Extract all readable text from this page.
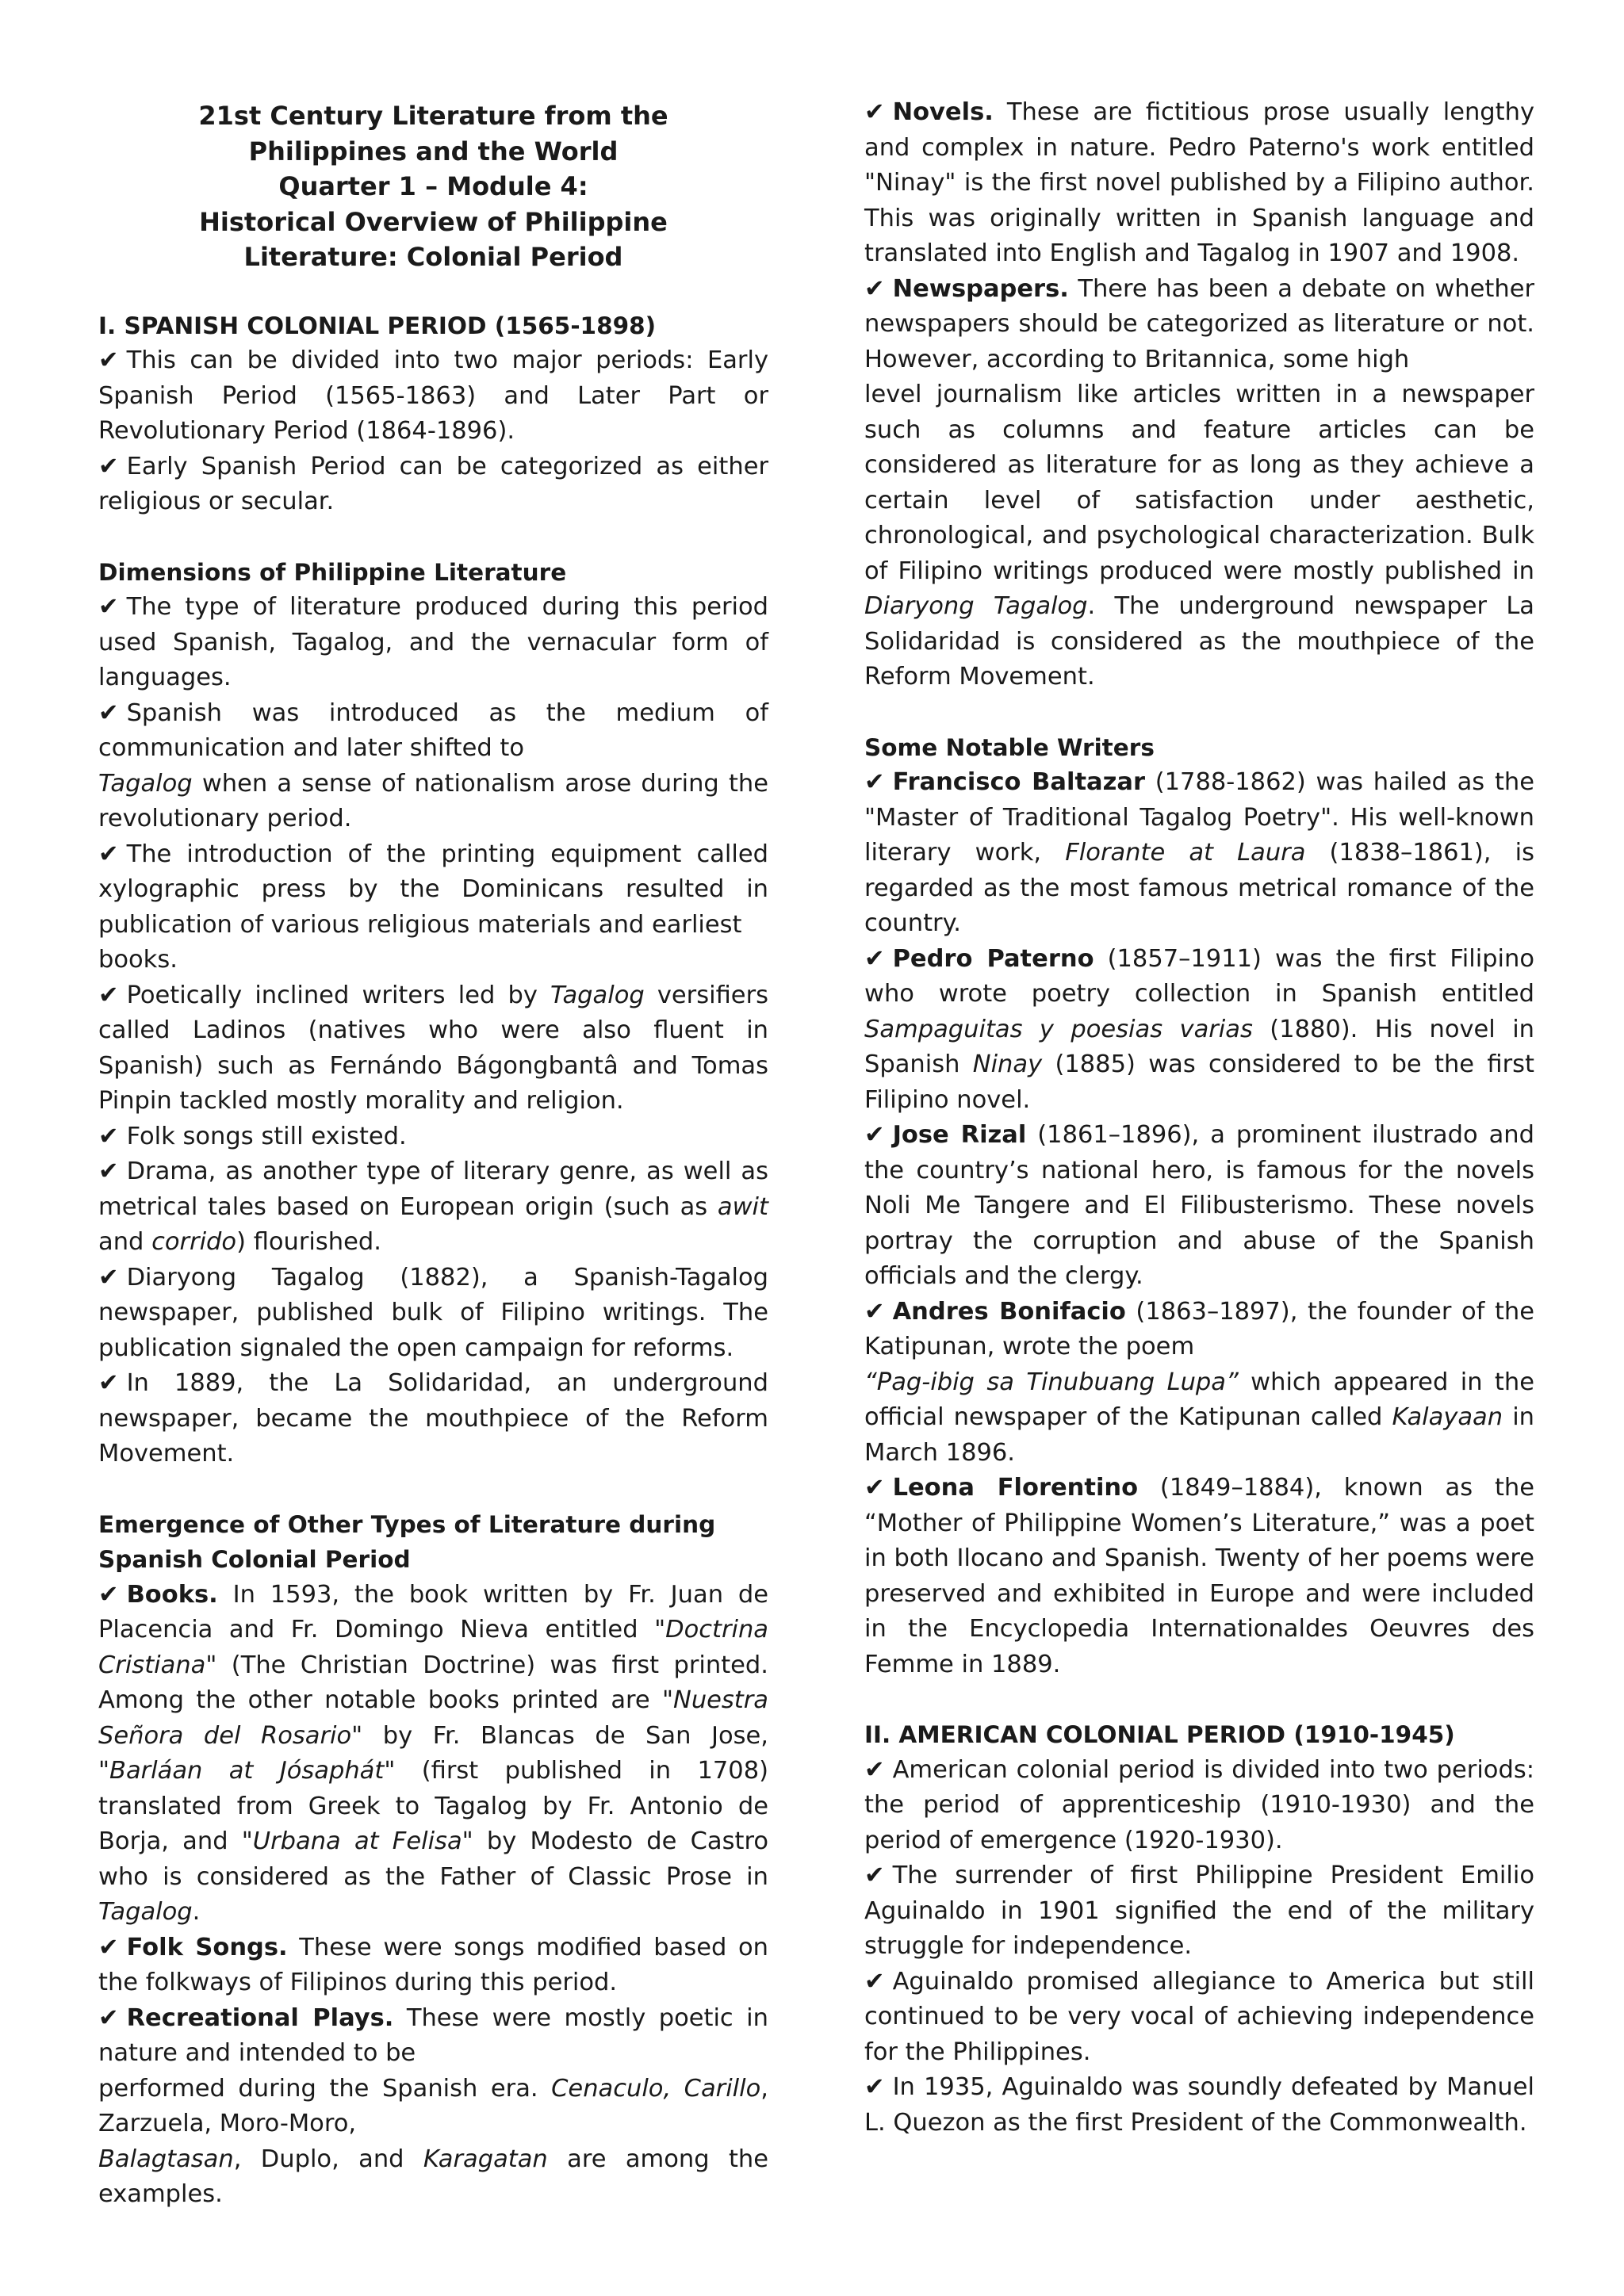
21st Century Literature from the
Philippines and the World
Quarter 1 – Module 4:
Historical Overview of Philippine
Literature: Colonial Period
I. SPANISH COLONIAL PERIOD (1565-1898)

✔ This can be divided into two major periods: Early Spanish Period (1565-1863) and Later Part or Revolutionary Period (1864-1896).

✔ Early Spanish Period can be categorized as either religious or secular.

Dimensions of Philippine Literature

✔ The type of literature produced during this period used Spanish, Tagalog, and the vernacular form of languages.

✔ Spanish was introduced as the medium of communication and later shifted to

Tagalog when a sense of nationalism arose during the revolutionary period.

✔ The introduction of the printing equipment called xylographic press by the Dominicans resulted in publication of various religious materials and earliest

books.

✔ Poetically inclined writers led by Tagalog versifiers called Ladinos (natives who were also fluent in Spanish) such as Fernándo Bágongbantâ and Tomas Pinpin tackled mostly morality and religion.

✔ Folk songs still existed.

✔ Drama, as another type of literary genre, as well as metrical tales based on European origin (such as awit and corrido) flourished.

✔ Diaryong Tagalog (1882), a Spanish-Tagalog newspaper, published bulk of Filipino writings. The publication signaled the open campaign for reforms.

✔ In 1889, the La Solidaridad, an underground newspaper, became the mouthpiece of the Reform Movement.

Emergence of Other Types of Literature during Spanish Colonial Period

✔ Books. In 1593, the book written by Fr. Juan de Placencia and Fr. Domingo Nieva entitled "Doctrina Cristiana" (The Christian Doctrine) was first printed. Among the other notable books printed are "Nuestra Señora del Rosario" by Fr. Blancas de San Jose, "Barláan at Jósaphát" (first published in 1708) translated from Greek to Tagalog by Fr. Antonio de Borja, and "Urbana at Felisa" by Modesto de Castro who is considered as the Father of Classic Prose in Tagalog.

✔ Folk Songs. These were songs modified based on the folkways of Filipinos during this period.

✔ Recreational Plays. These were mostly poetic in nature and intended to be

performed during the Spanish era. Cenaculo, Carillo, Zarzuela, Moro-Moro,

Balagtasan, Duplo, and Karagatan are among the examples.

✔ Novels. These are fictitious prose usually lengthy and complex in nature. Pedro Paterno's work entitled "Ninay" is the first novel published by a Filipino author. This was originally written in Spanish language and translated into English and Tagalog in 1907 and 1908.

✔ Newspapers. There has been a debate on whether newspapers should be categorized as literature or not. However, according to Britannica, some high

level journalism like articles written in a newspaper such as columns and feature articles can be considered as literature for as long as they achieve a certain level of satisfaction under aesthetic, chronological, and psychological characterization. Bulk of Filipino writings produced were mostly published in Diaryong Tagalog. The underground newspaper La Solidaridad is considered as the mouthpiece of the Reform Movement.

Some Notable Writers

✔ Francisco Baltazar (1788-1862) was hailed as the "Master of Traditional Tagalog Poetry". His well-known literary work, Florante at Laura (1838–1861), is regarded as the most famous metrical romance of the country.

✔ Pedro Paterno (1857–1911) was the first Filipino who wrote poetry collection in Spanish entitled Sampaguitas y poesias varias (1880). His novel in Spanish Ninay (1885) was considered to be the first Filipino novel.

✔ Jose Rizal (1861–1896), a prominent ilustrado and the country’s national hero, is famous for the novels Noli Me Tangere and El Filibusterismo. These novels portray the corruption and abuse of the Spanish officials and the clergy.

✔ Andres Bonifacio (1863–1897), the founder of the Katipunan, wrote the poem

“Pag-ibig sa Tinubuang Lupa” which appeared in the official newspaper of the Katipunan called Kalayaan in March 1896.

✔ Leona Florentino (1849–1884), known as the “Mother of Philippine Women’s Literature,” was a poet in both Ilocano and Spanish. Twenty of her poems were preserved and exhibited in Europe and were included in the Encyclopedia Internationaldes Oeuvres des Femme in 1889.

II. AMERICAN COLONIAL PERIOD (1910-1945)

✔ American colonial period is divided into two periods: the period of apprenticeship (1910-1930) and the period of emergence (1920-1930).

✔ The surrender of first Philippine President Emilio Aguinaldo in 1901 signified the end of the military struggle for independence.

✔ Aguinaldo promised allegiance to America but still continued to be very vocal of achieving independence for the Philippines.

✔ In 1935, Aguinaldo was soundly defeated by Manuel L. Quezon as the first President of the Commonwealth.
